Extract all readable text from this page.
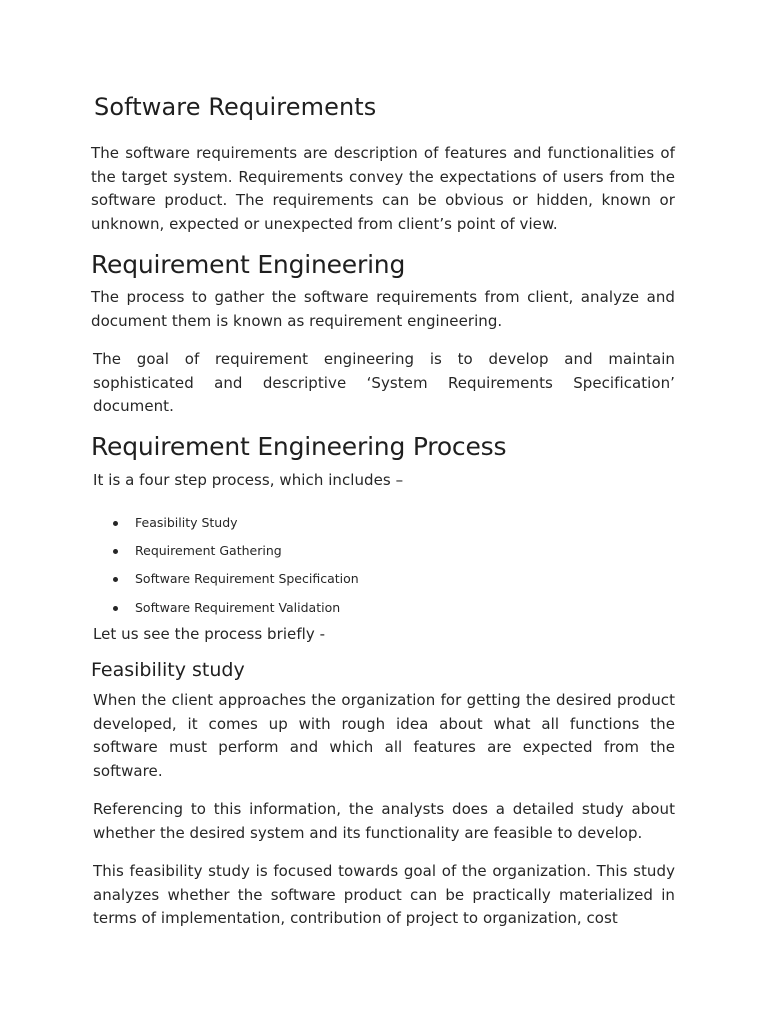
Software Requirements

The software requirements are description of features and functionalities of the target system. Requirements convey the expectations of users from the software product. The requirements can be obvious or hidden, known or unknown, expected or unexpected from client’s point of view.

Requirement Engineering

The process to gather the software requirements from client, analyze and document them is known as requirement engineering.

The goal of requirement engineering is to develop and maintain sophisticated and descriptive ‘System Requirements Specification’ document.

Requirement Engineering Process

It is a four step process, which includes –

Feasibility Study
Requirement Gathering
Software Requirement Specification
Software Requirement Validation

Let us see the process briefly -

Feasibility study

When the client approaches the organization for getting the desired product developed, it comes up with rough idea about what all functions the software must perform and which all features are expected from the software.

Referencing to this information, the analysts does a detailed study about whether the desired system and its functionality are feasible to develop.

This feasibility study is focused towards goal of the organization. This study analyzes whether the software product can be practically materialized in terms of implementation, contribution of project to organization, cost
